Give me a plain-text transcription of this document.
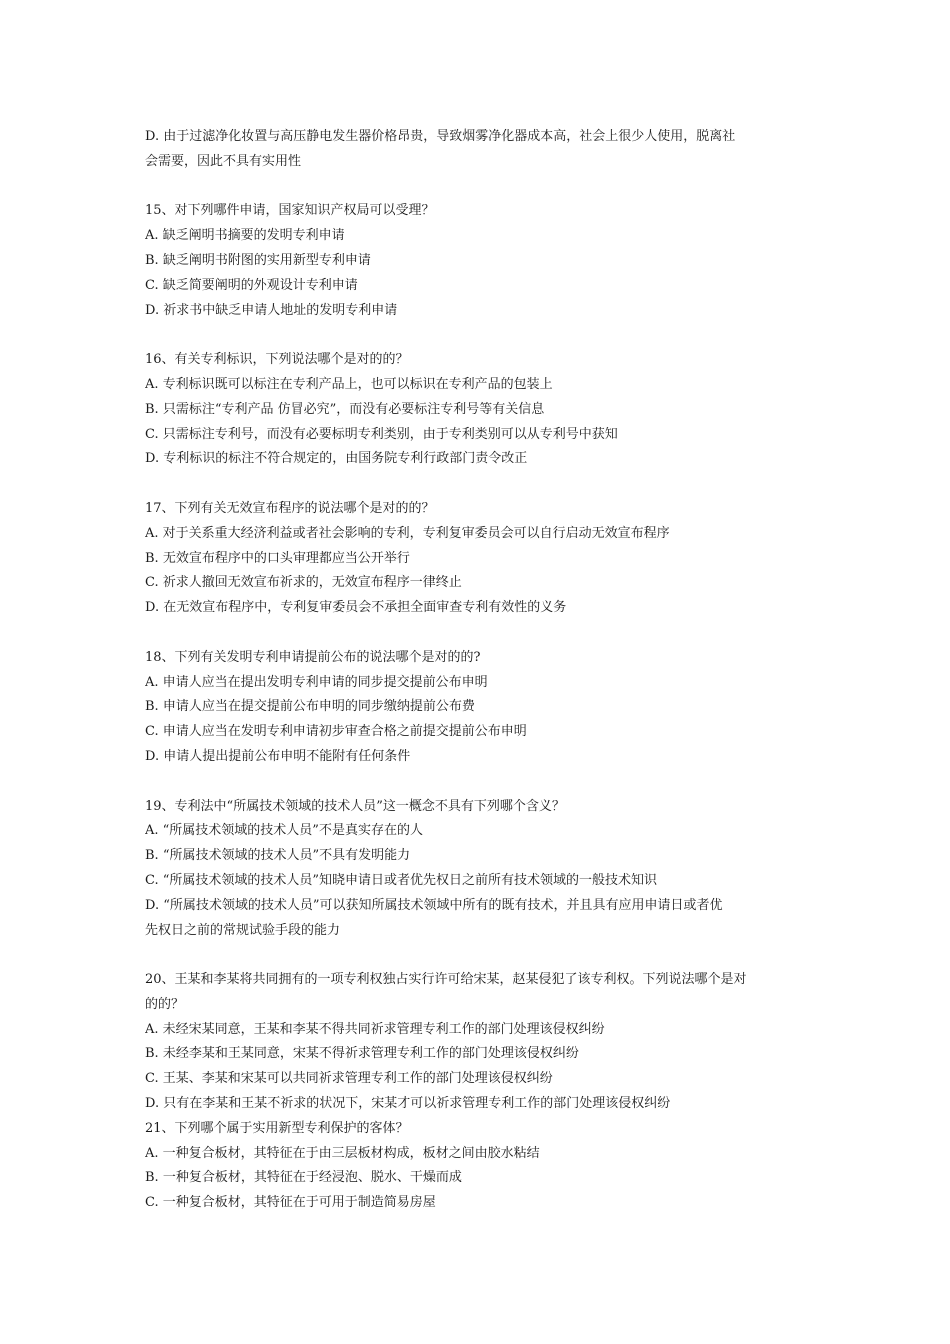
D. 由于过滤净化妆置与高压静电发生器价格昂贵，导致烟雾净化器成本高，社会上很少人使用，脱离社
会需要，因此不具有实用性
15、对下列哪件申请，国家知识产权局可以受理？
A. 缺乏阐明书摘要的发明专利申请
B. 缺乏阐明书附图的实用新型专利申请
C. 缺乏简要阐明的外观设计专利申请
D. 祈求书中缺乏申请人地址的发明专利申请
16、有关专利标识，下列说法哪个是对的的？
A. 专利标识既可以标注在专利产品上，也可以标识在专利产品的包装上
B. 只需标注“专利产品 仿冒必究”，而没有必要标注专利号等有关信息
C. 只需标注专利号，而没有必要标明专利类别，由于专利类别可以从专利号中获知
D. 专利标识的标注不符合规定的，由国务院专利行政部门责令改正
17、下列有关无效宣布程序的说法哪个是对的的？
A. 对于关系重大经济利益或者社会影响的专利，专利复审委员会可以自行启动无效宣布程序
B. 无效宣布程序中的口头审理都应当公开举行
C. 祈求人撤回无效宣布祈求的，无效宣布程序一律终止
D. 在无效宣布程序中，专利复审委员会不承担全面审查专利有效性的义务
18、下列有关发明专利申请提前公布的说法哪个是对的的?
A. 申请人应当在提出发明专利申请的同步提交提前公布申明
B. 申请人应当在提交提前公布申明的同步缴纳提前公布费
C. 申请人应当在发明专利申请初步审查合格之前提交提前公布申明
D. 申请人提出提前公布申明不能附有任何条件
19、专利法中“所属技术领域的技术人员”这一概念不具有下列哪个含义？
A. “所属技术领域的技术人员”不是真实存在的人
B. “所属技术领域的技术人员”不具有发明能力
C. “所属技术领域的技术人员”知晓申请日或者优先权日之前所有技术领域的一般技术知识
D. “所属技术领域的技术人员”可以获知所属技术领域中所有的既有技术，并且具有应用申请日或者优
先权日之前的常规试验手段的能力
20、王某和李某将共同拥有的一项专利权独占实行许可给宋某，赵某侵犯了该专利权。下列说法哪个是对
的的？
A. 未经宋某同意，王某和李某不得共同祈求管理专利工作的部门处理该侵权纠纷
B. 未经李某和王某同意，宋某不得祈求管理专利工作的部门处理该侵权纠纷
C. 王某、李某和宋某可以共同祈求管理专利工作的部门处理该侵权纠纷
D. 只有在李某和王某不祈求的状况下，宋某才可以祈求管理专利工作的部门处理该侵权纠纷
21、下列哪个属于实用新型专利保护的客体？
A. 一种复合板材，其特征在于由三层板材构成，板材之间由胶水粘结
B. 一种复合板材，其特征在于经浸泡、脱水、干燥而成
C. 一种复合板材，其特征在于可用于制造简易房屋
